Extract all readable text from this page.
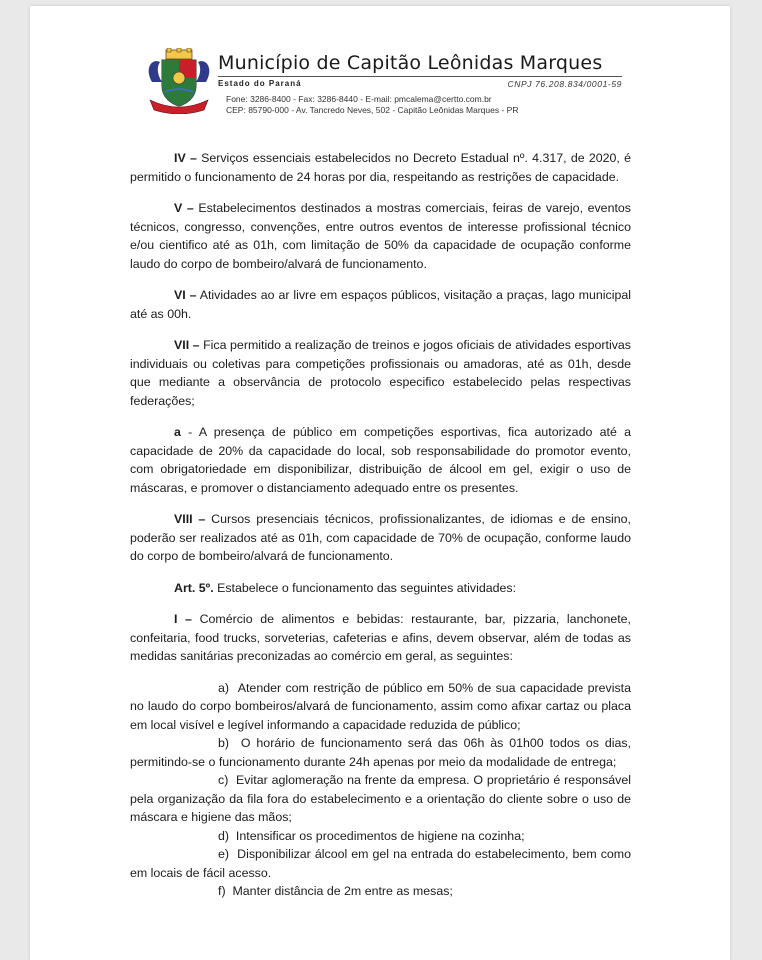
Município de Capitão Leônidas Marques
Estado do Paraná	CNPJ 76.208.834/0001-59
Fone: 3286-8400 - Fax: 3286-8440 - E-mail: pmcalema@certto.com.br
CEP: 85790-000 - Av. Tancredo Neves, 502 - Capitão Leônidas Marques - PR

IV – Serviços essenciais estabelecidos no Decreto Estadual nº. 4.317, de 2020, é permitido o funcionamento de 24 horas por dia, respeitando as restrições de capacidade.

V – Estabelecimentos destinados a mostras comerciais, feiras de varejo, eventos técnicos, congresso, convenções, entre outros eventos de interesse profissional técnico e/ou cientifico até as 01h, com limitação de 50% da capacidade de ocupação conforme laudo do corpo de bombeiro/alvará de funcionamento.

VI – Atividades ao ar livre em espaços públicos, visitação a praças, lago municipal até as 00h.

VII – Fica permitido a realização de treinos e jogos oficiais de atividades esportivas individuais ou coletivas para competições profissionais ou amadoras, até as 01h, desde que mediante a observância de protocolo especifico estabelecido pelas respectivas federações;

a - A presença de público em competições esportivas, fica autorizado até a capacidade de 20% da capacidade do local, sob responsabilidade do promotor evento, com obrigatoriedade em disponibilizar, distribuição de álcool em gel, exigir o uso de máscaras, e promover o distanciamento adequado entre os presentes.

VIII – Cursos presenciais técnicos, profissionalizantes, de idiomas e de ensino, poderão ser realizados até as 01h, com capacidade de 70% de ocupação, conforme laudo do corpo de bombeiro/alvará de funcionamento.

Art. 5º. Estabelece o funcionamento das seguintes atividades:

I – Comércio de alimentos e bebidas: restaurante, bar, pizzaria, lanchonete, confeitaria, food trucks, sorveterias, cafeterias e afins, devem observar, além de todas as medidas sanitárias preconizadas ao comércio em geral, as seguintes:

a) Atender com restrição de público em 50% de sua capacidade prevista no laudo do corpo bombeiros/alvará de funcionamento, assim como afixar cartaz ou placa em local visível e legível informando a capacidade reduzida de público;

b) O horário de funcionamento será das 06h às 01h00 todos os dias, permitindo-se o funcionamento durante 24h apenas por meio da modalidade de entrega;

c) Evitar aglomeração na frente da empresa. O proprietário é responsável pela organização da fila fora do estabelecimento e a orientação do cliente sobre o uso de máscara e higiene das mãos;

d) Intensificar os procedimentos de higiene na cozinha;

e) Disponibilizar álcool em gel na entrada do estabelecimento, bem como em locais de fácil acesso.

f) Manter distância de 2m entre as mesas;
